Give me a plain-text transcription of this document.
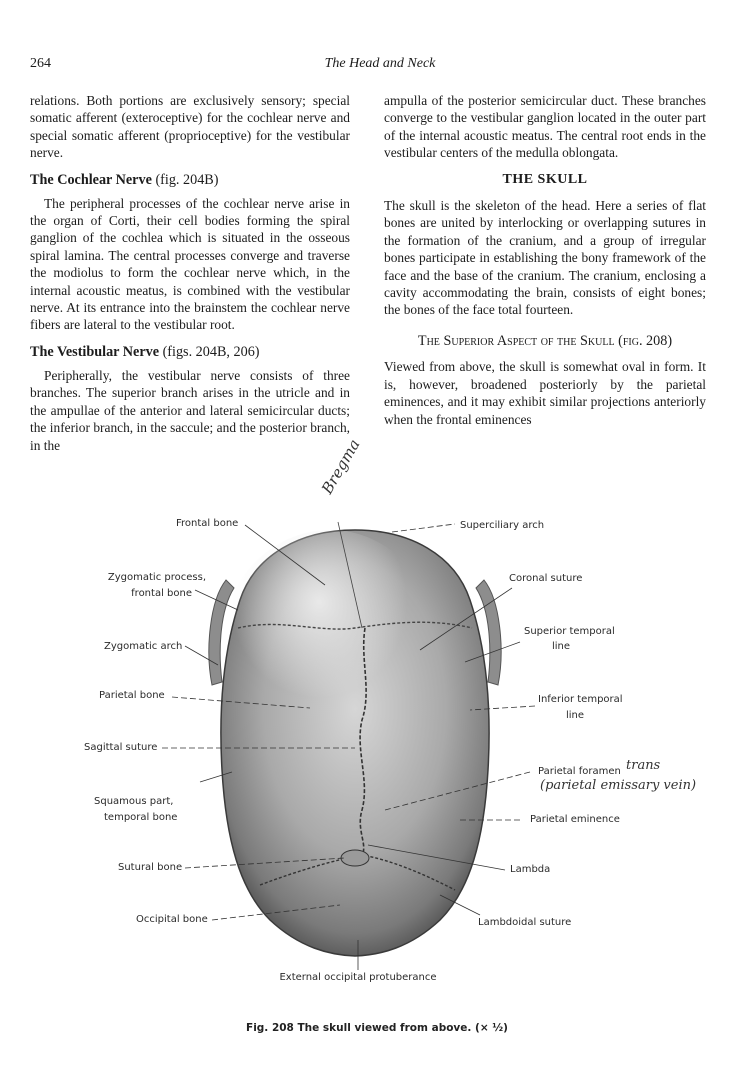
264	The Head and Neck

relations. Both portions are exclusively sensory; special somatic afferent (exteroceptive) for the cochlear nerve and special somatic afferent (proprioceptive) for the vestibular nerve.

The Cochlear Nerve (fig. 204B)

The peripheral processes of the cochlear nerve arise in the organ of Corti, their cell bodies forming the spiral ganglion of the cochlea which is situated in the osseous spiral lamina. The central processes converge and traverse the modiolus to form the cochlear nerve which, in the internal acoustic meatus, is combined with the vestibular nerve. At its entrance into the brainstem the cochlear nerve fibers are lateral to the vestibular root.

The Vestibular Nerve (figs. 204B, 206)

Peripherally, the vestibular nerve consists of three branches. The superior branch arises in the utricle and in the ampullae of the anterior and lateral semicircular ducts; the inferior branch, in the saccule; and the posterior branch, in the

ampulla of the posterior semicircular duct. These branches converge to the vestibular ganglion located in the outer part of the internal acoustic meatus. The central root ends in the vestibular centers of the medulla oblongata.

THE SKULL

The skull is the skeleton of the head. Here a series of flat bones are united by interlocking or overlapping sutures in the formation of the cranium, and a group of irregular bones participate in establishing the bony framework of the face and the base of the cranium. The cranium, enclosing a cavity accommodating the brain, consists of eight bones; the bones of the face total fourteen.

The Superior Aspect of the Skull (fig. 208)

Viewed from above, the skull is somewhat oval in form. It is, however, broadened posteriorly by the parietal eminences, and it may exhibit similar projections anteriorly when the frontal eminences

Frontal bone	Superciliary arch
Zygomatic process,
frontal bone
Coronal suture
Superior temporal
line
Zygomatic arch
Parietal bone	Inferior temporal
line
Sagittal suture
Parietal foramen
Squamous part,
temporal bone	Parietal eminence
Sutural bone	Lambda
Occipital bone	Lambdoidal suture
External occipital protuberance
Bregma
trans
(parietal emissary vein)
Fig. 208 The skull viewed from above. (× ½)
